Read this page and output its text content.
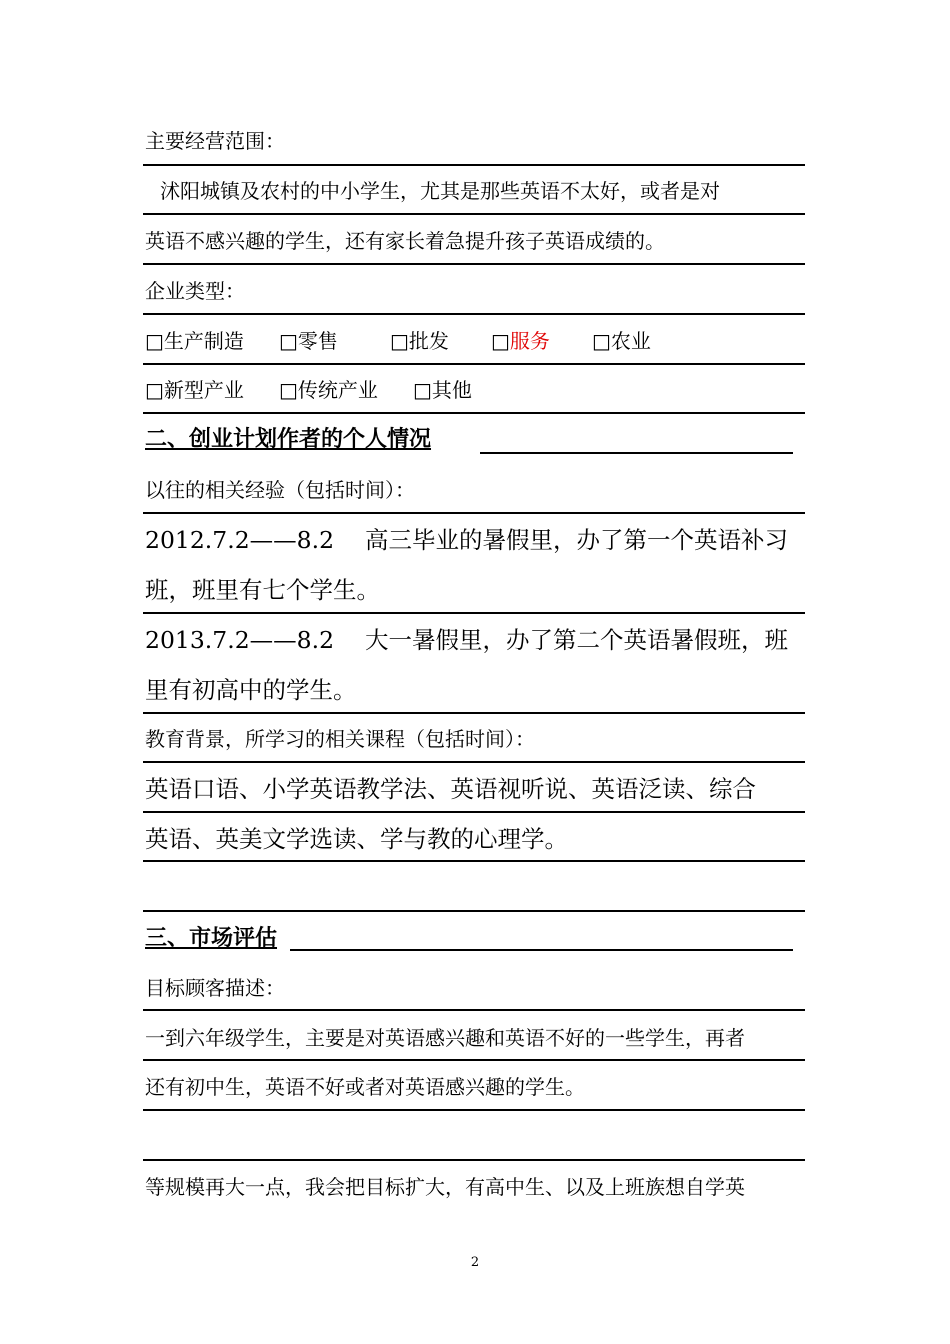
主要经营范围：
沭阳城镇及农村的中小学生，尤其是那些英语不太好，或者是对
英语不感兴趣的学生，还有家长着急提升孩子英语成绩的。
企业类型：
□生产制造 □零售	□批发 □服务 □农业
□新型产业 □传统产业 □其他
二、创业计划作者的个人情况
以往的相关经验（包括时间）：
2012.7.2——8.2　 高三毕业的暑假里，办了第一个英语补习
班，班里有七个学生。
2013.7.2——8.2　 大一暑假里，办了第二个英语暑假班，班
里有初高中的学生。
教育背景，所学习的相关课程（包括时间）：
英语口语、小学英语教学法、英语视听说、英语泛读、综合
英语、英美文学选读、学与教的心理学。
三、市场评估
目标顾客描述：
一到六年级学生，主要是对英语感兴趣和英语不好的一些学生，再者
还有初中生，英语不好或者对英语感兴趣的学生。
等规模再大一点，我会把目标扩大，有高中生、以及上班族想自学英
2
